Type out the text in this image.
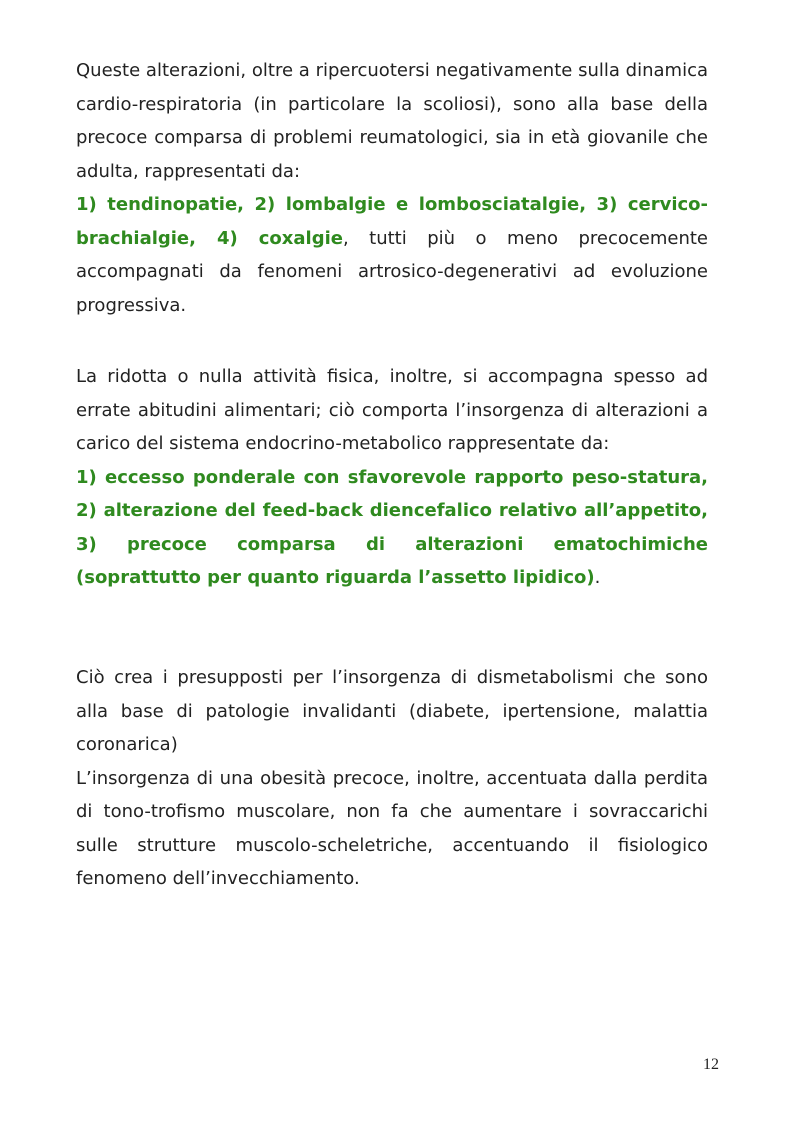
Queste alterazioni, oltre a ripercuotersi negativamente sulla dinamica cardio-respiratoria (in particolare la scoliosi), sono alla base della precoce comparsa di problemi reumatologici, sia in età giovanile che adulta, rappresentati da:
1) tendinopatie, 2) lombalgie e lombosciatalgie, 3) cervico-brachialgie, 4) coxalgie, tutti più o meno precocemente accompagnati da fenomeni artrosico-degenerativi ad evoluzione progressiva.

La ridotta o nulla attività fisica, inoltre, si accompagna spesso ad errate abitudini alimentari; ciò comporta l’insorgenza di alterazioni a carico del sistema endocrino-metabolico rappresentate da:
1) eccesso ponderale con sfavorevole rapporto peso-statura, 2) alterazione del feed-back diencefalico relativo all’appetito, 3) precoce comparsa di alterazioni ematochimiche (soprattutto per quanto riguarda l’assetto lipidico).

Ciò crea i presupposti per l’insorgenza di dismetabolismi che sono alla base di patologie invalidanti (diabete, ipertensione, malattia coronarica)

L’insorgenza di una obesità precoce, inoltre, accentuata dalla perdita di tono-trofismo muscolare, non fa che aumentare i sovraccarichi sulle strutture muscolo-scheletriche, accentuando il fisiologico fenomeno dell’invecchiamento.

12
